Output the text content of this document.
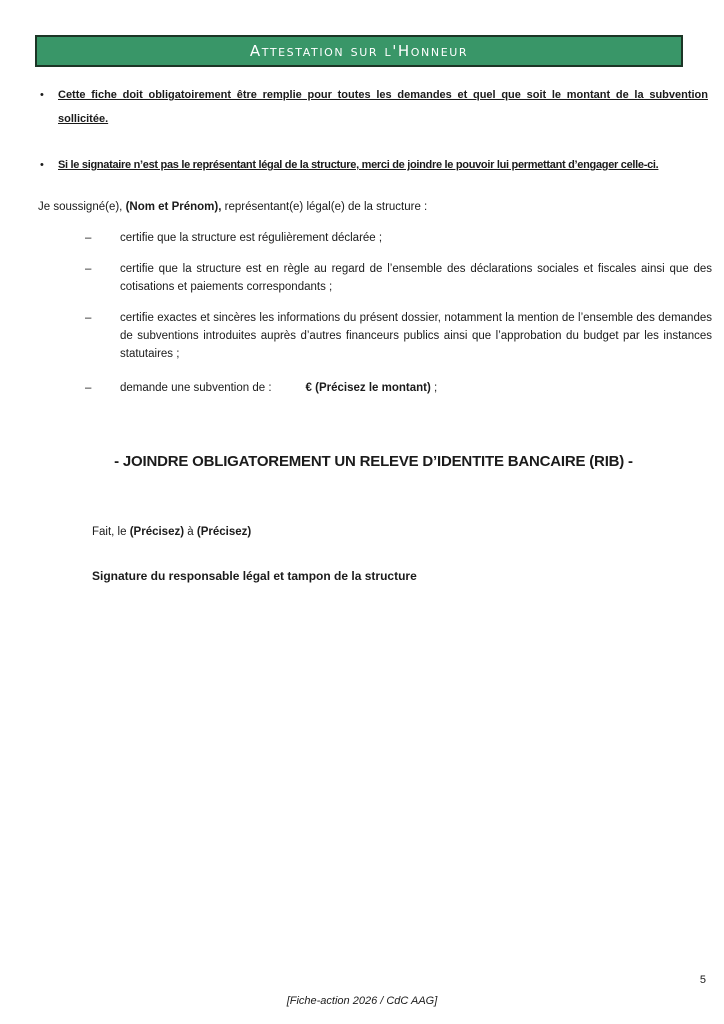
Attestation sur l'Honneur
•	Cette fiche doit obligatoirement être remplie pour toutes les demandes et quel que soit le montant de la subvention sollicitée.
•	Si le signataire n’est pas le représentant légal de la structure, merci de joindre le pouvoir lui permettant d’engager celle-ci.

Je soussigné(e), (Nom et Prénom), représentant(e) légal(e) de la structure :

–	certifie que la structure est régulièrement déclarée ;
–	certifie que la structure est en règle au regard de l’ensemble des déclarations sociales et fiscales ainsi que des cotisations et paiements correspondants ;
–	certifie exactes et sincères les informations du présent dossier, notamment la mention de l’ensemble des demandes de subventions introduites auprès d’autres financeurs publics ainsi que l’approbation du budget par les instances statutaires ;
–	demande une subvention de :	€ (Précisez le montant) ;
- JOINDRE OBLIGATOREMENT UN RELEVE D’IDENTITE BANCAIRE (RIB) -

Fait, le (Précisez) à (Précisez)

Signature du responsable légal et tampon de la structure

5
[Fiche-action 2026 / CdC AAG]
